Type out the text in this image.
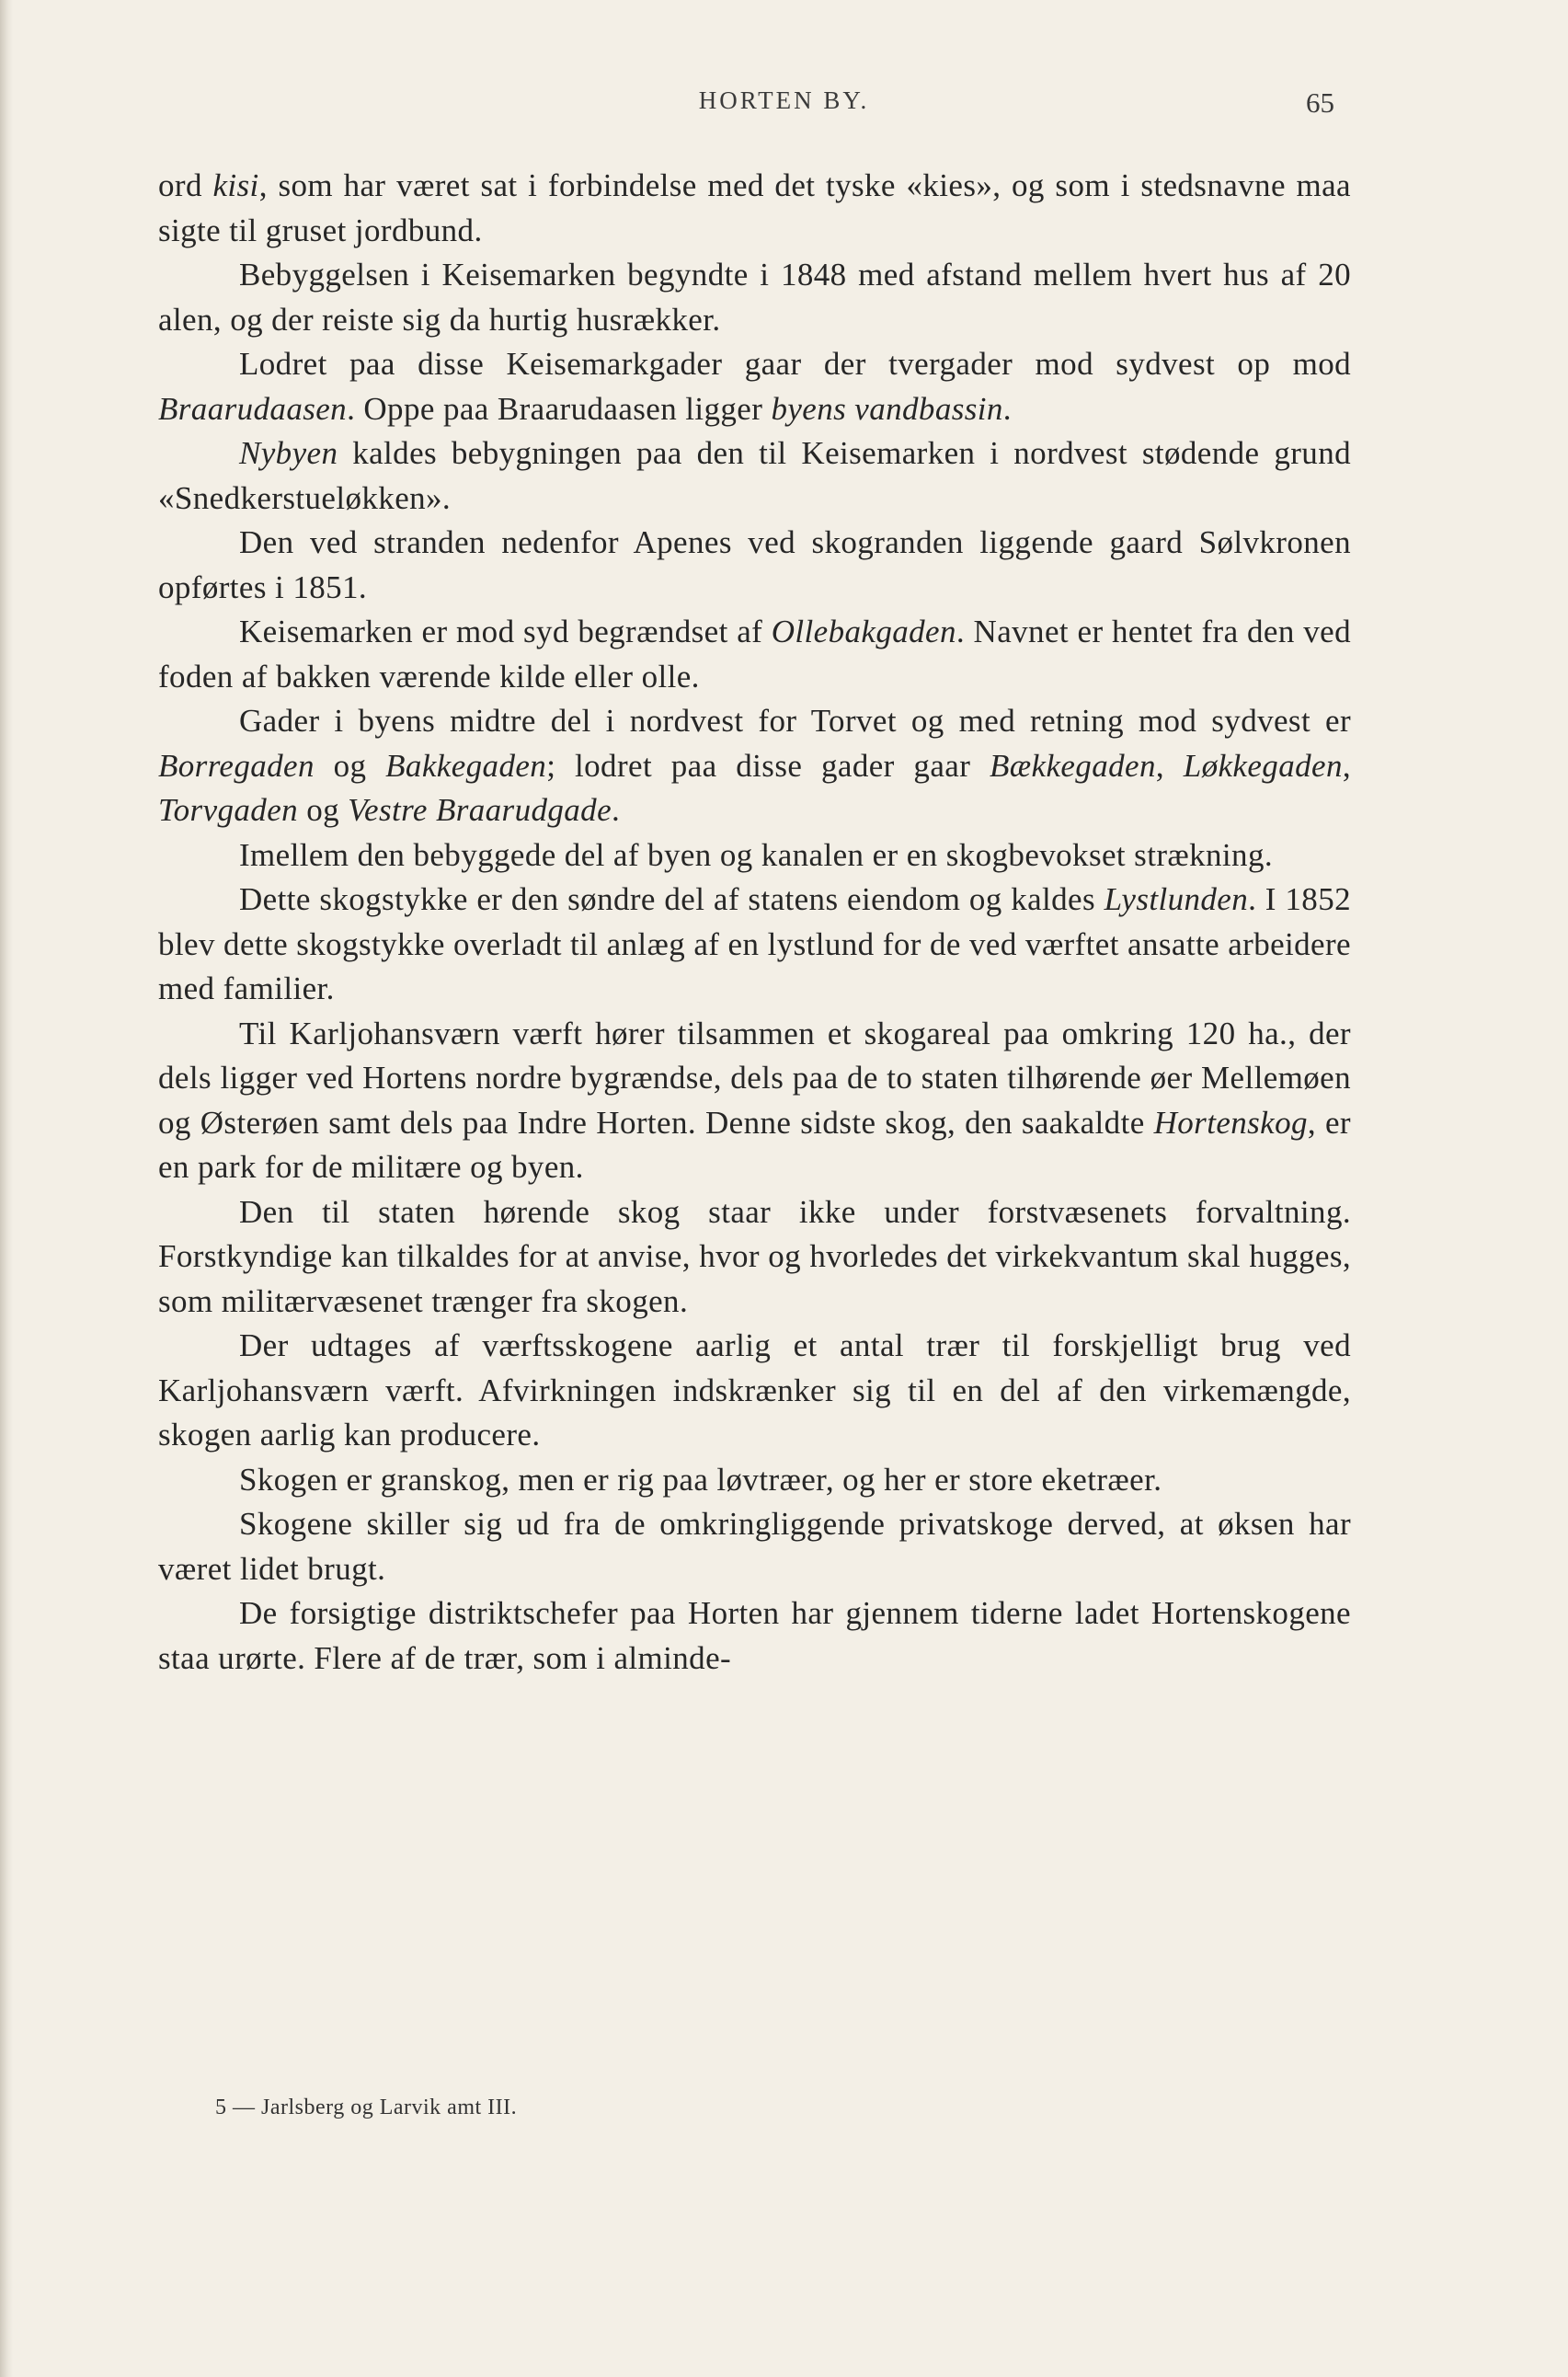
HORTEN BY.	65

ord kisi, som har været sat i forbindelse med det tyske «kies», og som i stedsnavne maa sigte til gruset jordbund.

Bebyggelsen i Keisemarken begyndte i 1848 med afstand mellem hvert hus af 20 alen, og der reiste sig da hurtig husrækker.

Lodret paa disse Keisemarkgader gaar der tvergader mod sydvest op mod Braarudaasen. Oppe paa Braarudaasen ligger byens vandbassin.

Nybyen kaldes bebygningen paa den til Keisemarken i nordvest stødende grund «Snedkerstueløkken».

Den ved stranden nedenfor Apenes ved skogranden liggende gaard Sølvkronen opførtes i 1851.

Keisemarken er mod syd begrændset af Ollebakgaden. Navnet er hentet fra den ved foden af bakken værende kilde eller olle.

Gader i byens midtre del i nordvest for Torvet og med retning mod sydvest er Borregaden og Bakkegaden; lodret paa disse gader gaar Bækkegaden, Løkkegaden, Torvgaden og Vestre Braarudgade.

Imellem den bebyggede del af byen og kanalen er en skogbevokset strækning.

Dette skogstykke er den søndre del af statens eiendom og kaldes Lystlunden. I 1852 blev dette skogstykke overladt til anlæg af en lystlund for de ved værftet ansatte arbeidere med familier.

Til Karljohansværn værft hører tilsammen et skogareal paa omkring 120 ha., der dels ligger ved Hortens nordre bygrændse, dels paa de to staten tilhørende øer Mellemøen og Østerøen samt dels paa Indre Horten. Denne sidste skog, den saakaldte Hortenskog, er en park for de militære og byen.

Den til staten hørende skog staar ikke under forstvæsenets forvaltning. Forstkyndige kan tilkaldes for at anvise, hvor og hvorledes det virkekvantum skal hugges, som militærvæsenet trænger fra skogen.

Der udtages af værftsskogene aarlig et antal trær til forskjelligt brug ved Karljohansværn værft. Afvirkningen indskrænker sig til en del af den virkemængde, skogen aarlig kan producere.

Skogen er granskog, men er rig paa løvtræer, og her er store eketræer.

Skogene skiller sig ud fra de omkringliggende privatskoge derved, at øksen har været lidet brugt.

De forsigtige distriktschefer paa Horten har gjennem tiderne ladet Hortenskogene staa urørte. Flere af de trær, som i alminde-

5 — Jarlsberg og Larvik amt III.
